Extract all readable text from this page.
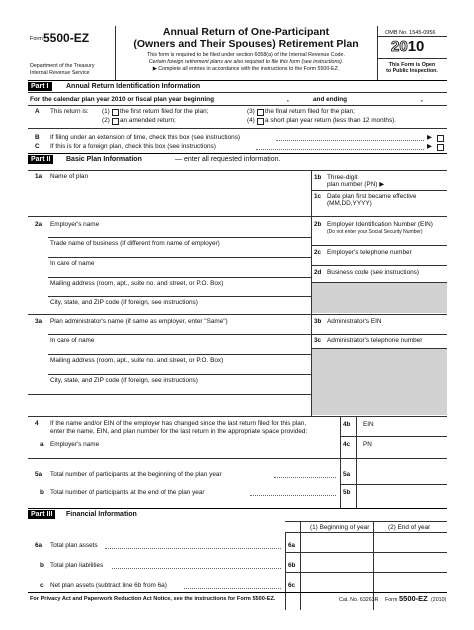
Form 5500-EZ
Department of the Treasury
Internal Revenue Service
Annual Return of One-Participant
(Owners and Their Spouses) Retirement Plan
This form is required to be filed under section 6058(a) of the Internal Revenue Code.
Certain foreign retirement plans are also required to file this form (see instructions).
▶ Complete all entries in accordance with the instructions to the Form 5500-EZ.
OMB No. 1545-0956
2010
This Form is Open
to Public Inspection.
Part I	Annual Return Identification Information
For the calendar plan year 2010 or fiscal plan year beginning	,	and ending	,
A This return is: (1) the first return filed for the plan;	(3) the final return filed for the plan;
(2) an amended return;	(4) a short plan year return (less than 12 months).
B If filing under an extension of time, check this box (see instructions)	▶
C If this is for a foreign plan, check this box (see instructions)	▶
Part II	Basic Plan Information	— enter all requested information.
1a Name of plan	1b Three-digit
plan number (PN) ▶
1c Date plan first became effective
(MM,DD,YYYY)
2a Employer's name
Trade name of business (if different from name of employer)
In care of name
Mailing address (room, apt., suite no. and street, or P.O. Box)
City, state, and ZIP code (if foreign, see instructions)
2b Employer Identification Number (EIN)
(Do not enter your Social Security Number)
2c Employer's telephone number
2d Business code (see instructions)
3a Plan administrator's name (if same as employer, enter "Same")
In care of name
Mailing address (room, apt., suite no. and street, or P.O. Box)
City, state, and ZIP code (if foreign, see instructions)
3b Administrator's EIN
3c Administrator's telephone number
4 If the name and/or EIN of the employer has changed since the last return filed for this plan,
enter the name, EIN, and plan number for the last return in the appropriate space provided:
a Employer's name
4b EIN
4c PN
5a Total number of participants at the beginning of the plan year	5a
b Total number of participants at the end of the plan year	5b
Part III	Financial Information
(1) Beginning of year	(2) End of year
6a Total plan assets	6a
b Total plan liabilities	6b
c Net plan assets (subtract line 6b from 6a)	6c
For Privacy Act and Paperwork Reduction Act Notice, see the instructions for Form 5500-EZ.	Cat. No. 63263R Form 5500-EZ (2010)
